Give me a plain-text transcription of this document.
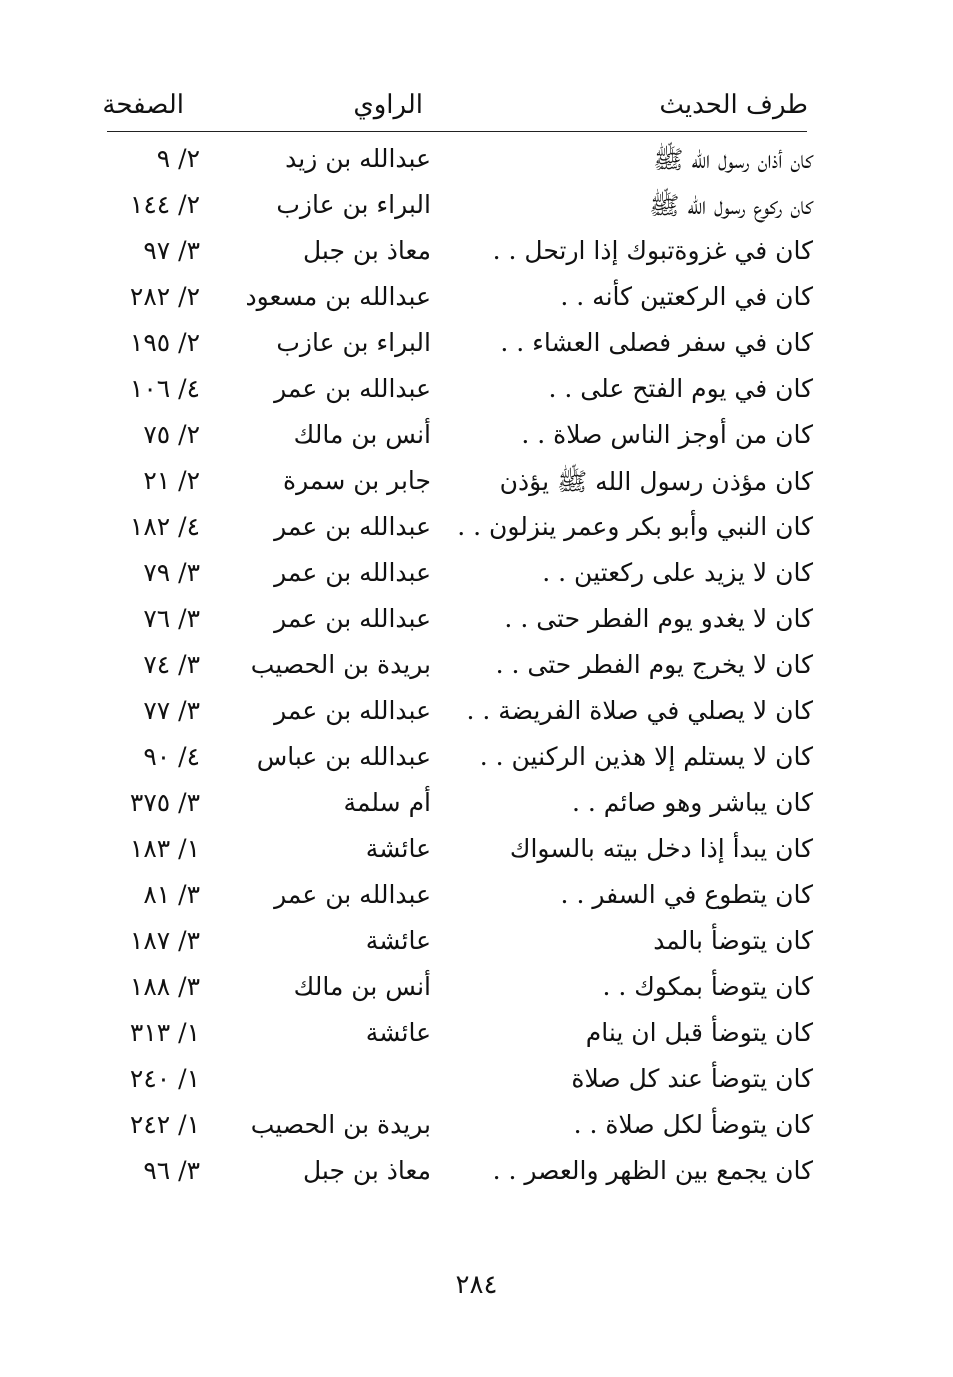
طرف الحديث
الراوي
الصفحة
كان أذان رسول الله ﷺ
عبدالله بن زيد
٢/ ٩
كان ركوع رسول الله ﷺ
البراء بن عازب
٢/ ١٤٤
كان في غزوةتبوك إذا ارتحل . .
معاذ بن جبل
٣/ ٩٧
كان في الركعتين كأنه . .
عبدالله بن مسعود
٢/ ٢٨٢
كان في سفر فصلى العشاء . .
البراء بن عازب
٢/ ١٩٥
كان في يوم الفتح على . .
عبدالله بن عمر
٤/ ١٠٦
كان من أوجز الناس صلاة . .
أنس بن مالك
٢/ ٧٥
كان مؤذن رسول الله ﷺ يؤذن
جابر بن سمرة
٢/ ٢١
كان النبي وأبو بكر وعمر ينزلون . .
عبدالله بن عمر
٤/ ١٨٢
كان لا يزيد على ركعتين . .
عبدالله بن عمر
٣/ ٧٩
كان لا يغدو يوم الفطر حتى . .
عبدالله بن عمر
٣/ ٧٦
كان لا يخرج يوم الفطر حتى . .
بريدة بن الحصيب
٣/ ٧٤
كان لا يصلي في صلاة الفريضة . .
عبدالله بن عمر
٣/ ٧٧
كان لا يستلم إلا هذين الركنين . .
عبدالله بن عباس
٤/ ٩٠
كان يباشر وهو صائم . .
أم سلمة
٣/ ٣٧٥
كان يبدأ إذا دخل بيته بالسواك
عائشة
١/ ١٨٣
كان يتطوع في السفر . .
عبدالله بن عمر
٣/ ٨١
كان يتوضأ بالمد
عائشة
٣/ ١٨٧
كان يتوضأ بمكوك . .
أنس بن مالك
٣/ ١٨٨
كان يتوضأ قبل ان ينام
عائشة
١/ ٣١٣
كان يتوضأ عند كل صلاة
١/ ٢٤٠
كان يتوضأ لكل صلاة . .
بريدة بن الحصيب
١/ ٢٤٢
كان يجمع بين الظهر والعصر . .
معاذ بن جبل
٣/ ٩٦
٢٨٤
